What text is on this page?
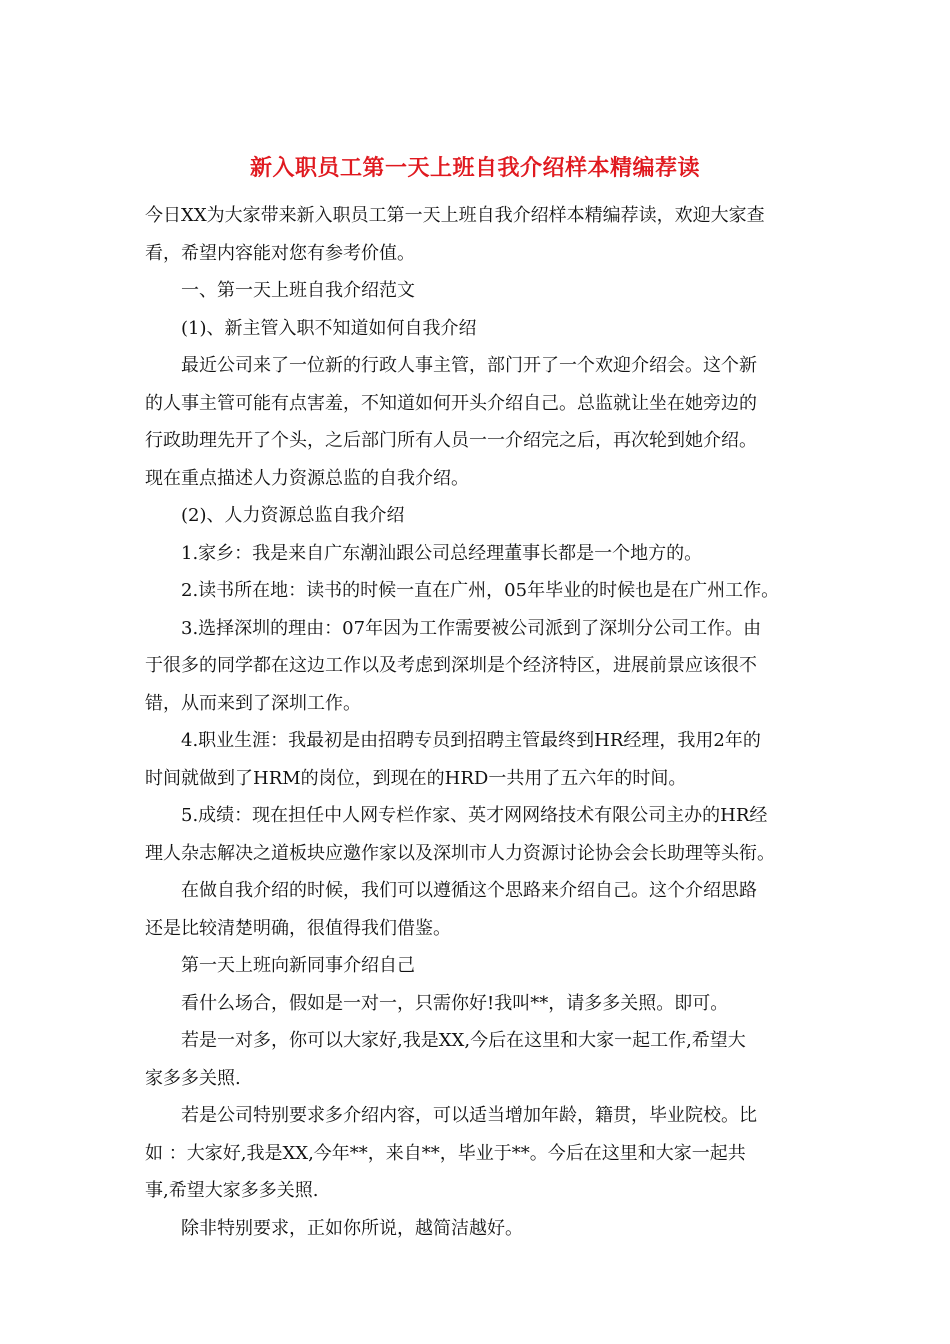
新入职员工第一天上班自我介绍样本精编荐读
今日XX为大家带来新入职员工第一天上班自我介绍样本精编荐读，欢迎大家查
看，希望内容能对您有参考价值。
一、第一天上班自我介绍范文
(1)、新主管入职不知道如何自我介绍
最近公司来了一位新的行政人事主管，部门开了一个欢迎介绍会。这个新
的人事主管可能有点害羞，不知道如何开头介绍自己。总监就让坐在她旁边的
行政助理先开了个头，之后部门所有人员一一介绍完之后，再次轮到她介绍。
现在重点描述人力资源总监的自我介绍。
(2)、人力资源总监自我介绍
1.家乡：我是来自广东潮汕跟公司总经理董事长都是一个地方的。
2.读书所在地：读书的时候一直在广州，05年毕业的时候也是在广州工作。
3.选择深圳的理由：07年因为工作需要被公司派到了深圳分公司工作。由
于很多的同学都在这边工作以及考虑到深圳是个经济特区，进展前景应该很不
错，从而来到了深圳工作。
4.职业生涯：我最初是由招聘专员到招聘主管最终到HR经理，我用2年的
时间就做到了HRM的岗位，到现在的HRD一共用了五六年的时间。
5.成绩：现在担任中人网专栏作家、英才网网络技术有限公司主办的HR经
理人杂志解决之道板块应邀作家以及深圳市人力资源讨论协会会长助理等头衔。
在做自我介绍的时候，我们可以遵循这个思路来介绍自己。这个介绍思路
还是比较清楚明确，很值得我们借鉴。
第一天上班向新同事介绍自己
看什么场合，假如是一对一，只需你好!我叫**，请多多关照。即可。
若是一对多，你可以大家好,我是XX,今后在这里和大家一起工作,希望大
家多多关照.
若是公司特别要求多介绍内容，可以适当增加年龄，籍贯，毕业院校。比
如 ：大家好,我是XX,今年**，来自**，毕业于**。今后在这里和大家一起共
事,希望大家多多关照.
除非特别要求，正如你所说，越简洁越好。
